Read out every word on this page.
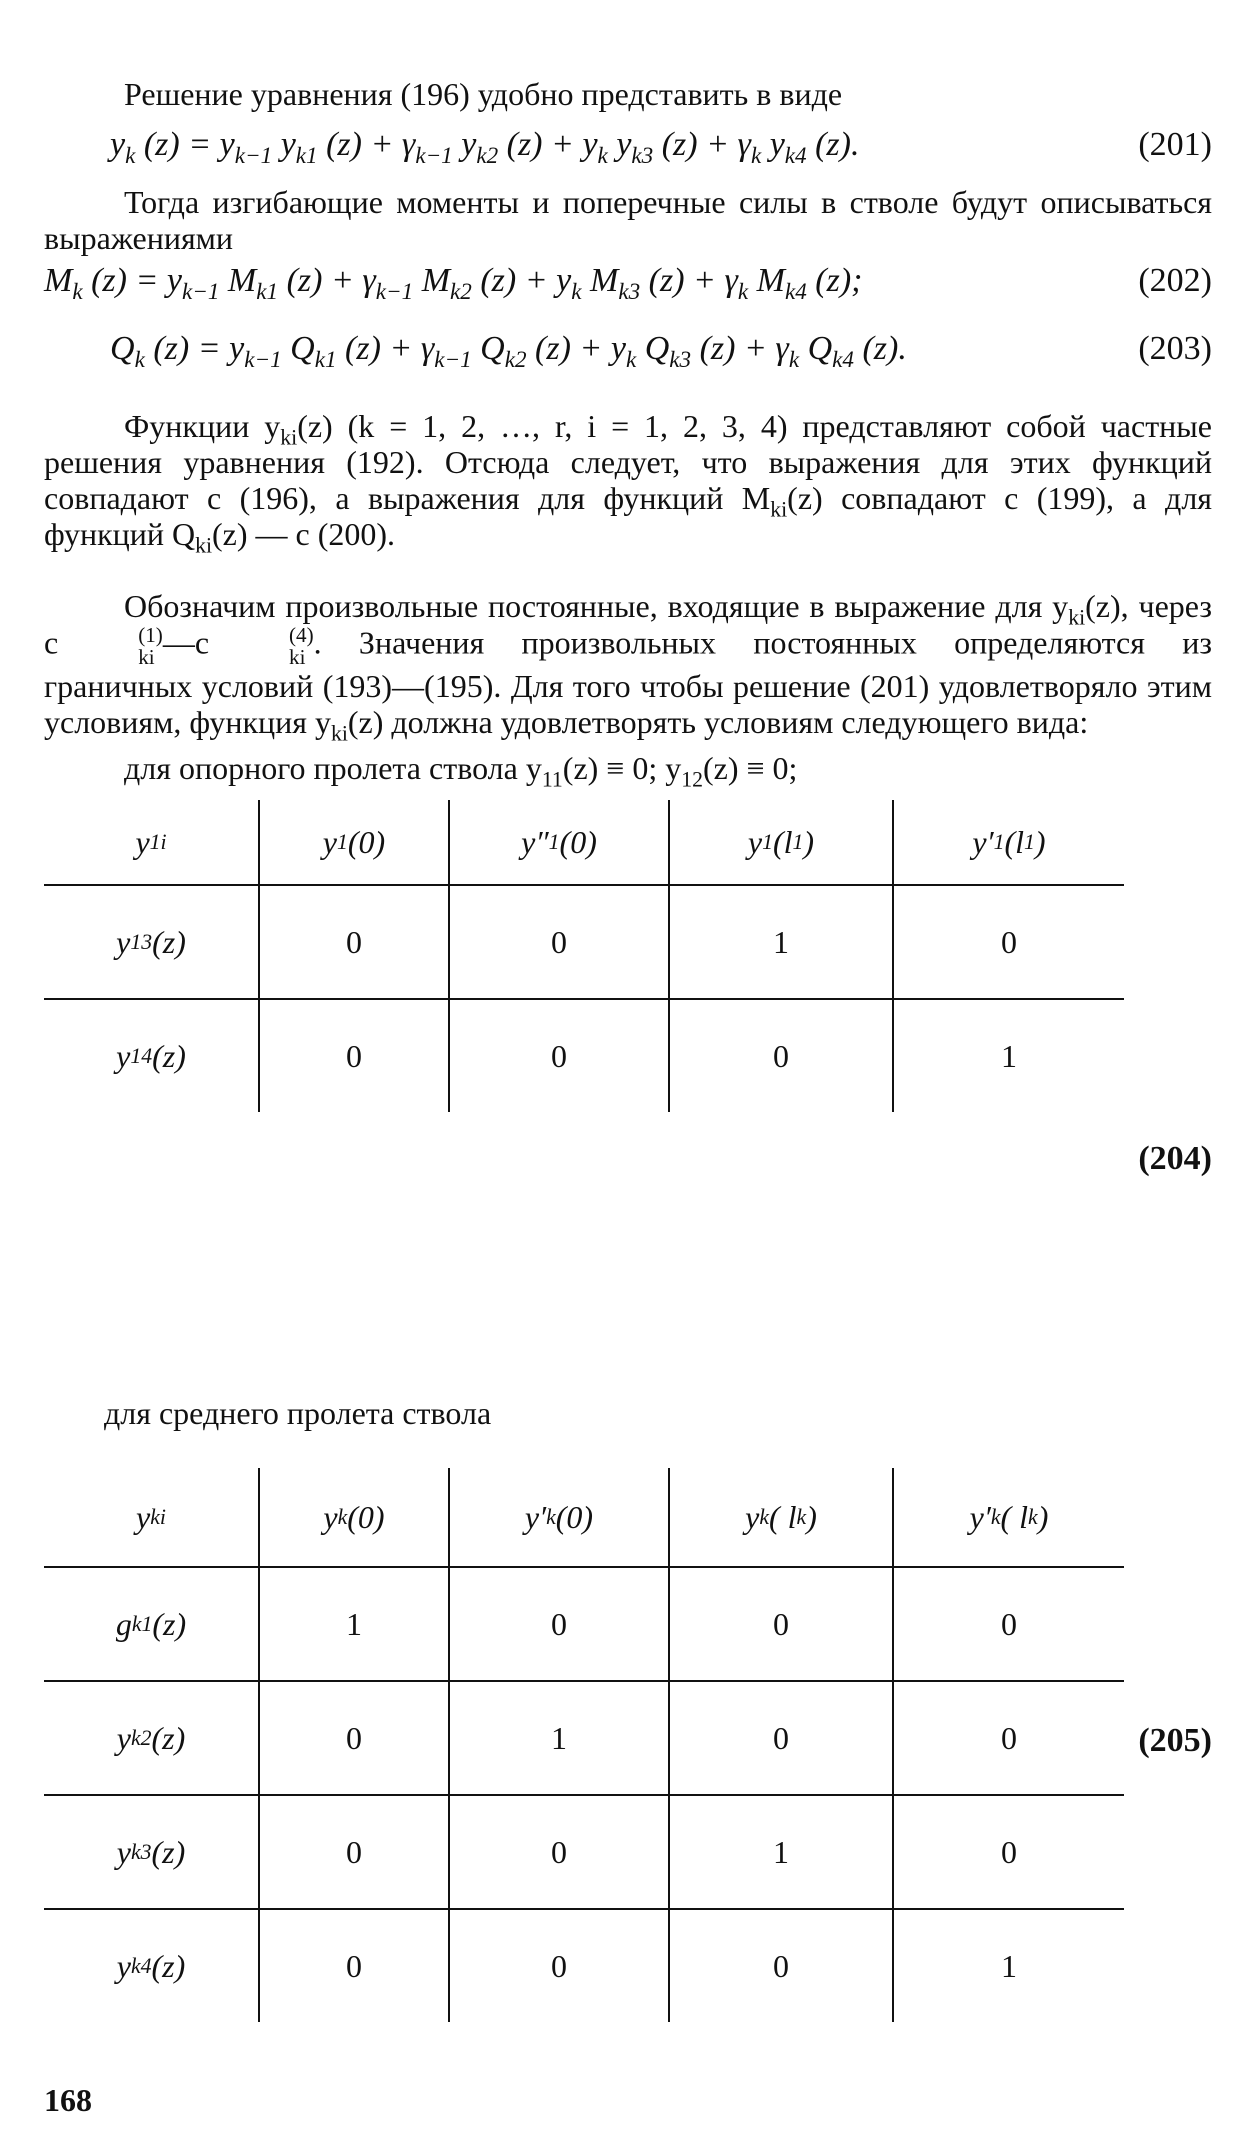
Решение уравнения (196) удобно представить в виде

$y_k$ $(z) = y_{k-1}$ $y_{k1}$ $(z) + \gamma_{k-1}$ $y_{k2}$ $(z) + y_k$ $y_{k3}$ $(z) + \gamma_k$ $y_{k4}$ (z).	(201)

Тогда изгибающие моменты и поперечные силы в стволе будут описываться выражениями

$M_k$ $(z) = y_{k-1}$ $M_{k1}$ $(z) + \gamma_{k-1}$ $M_{k2}$ $(z) + y_k$ $M_{k3}$ $(z) + \gamma_k$ $M_{k4}$ (z);	(202)
$Q_k$ $(z) = y_{k-1}$ $Q_{k1}$ $(z) + \gamma_{k-1}$ $Q_{k2}$ $(z) + y_k$ $Q_{k3}$ $(z) + \gamma_k$ $Q_{k4}$ (z).	(203)

Функции $y_{ki}(z) (k = 1$, 2, …, r, i = 1, 2, 3, 4) представляют собой частные решения уравнения (192). Отсюда следует, что выражения для этих функций совпадают с (196), а выражения для функций $M_{ki}(z)$ совпадают с (199), а для функций $Q_{ki}(z)$ — с (200).

Обозначим произвольные постоянные, входящие в выражение для $y_{ki}(z)$, через c	(1)
ki —c	(4)
ki . Значения произвольных постоянных определяются из граничных условий (193)—(195). Для того чтобы решение (201) удовлетворяло этим условиям, функция $y_{ki}(z)$ должна удовлетворять условиям следующего вида:

для опорного пролета ствола $y_{11}(z) \equiv 0$; $y_{12}(z) \equiv 0$;
y 1i	y 1 (0)	y″ 1 (0)	y 1 (l 1 )	y′ 1 (l 1 )
y 13 (z)	0	0	1	0
y 14 (z)	0	0	0	1
(204)
для среднего пролета ствола
y ki	y k (0)	y′ k (0)	y k ( l k )	y′ k ( l k )
g k1 (z)	1	0	0	0
y k2 (z)	0	1	0	0
y k3 (z)	0	0	1	0
y k4 (z)	0	0	0	1
(205)
168
